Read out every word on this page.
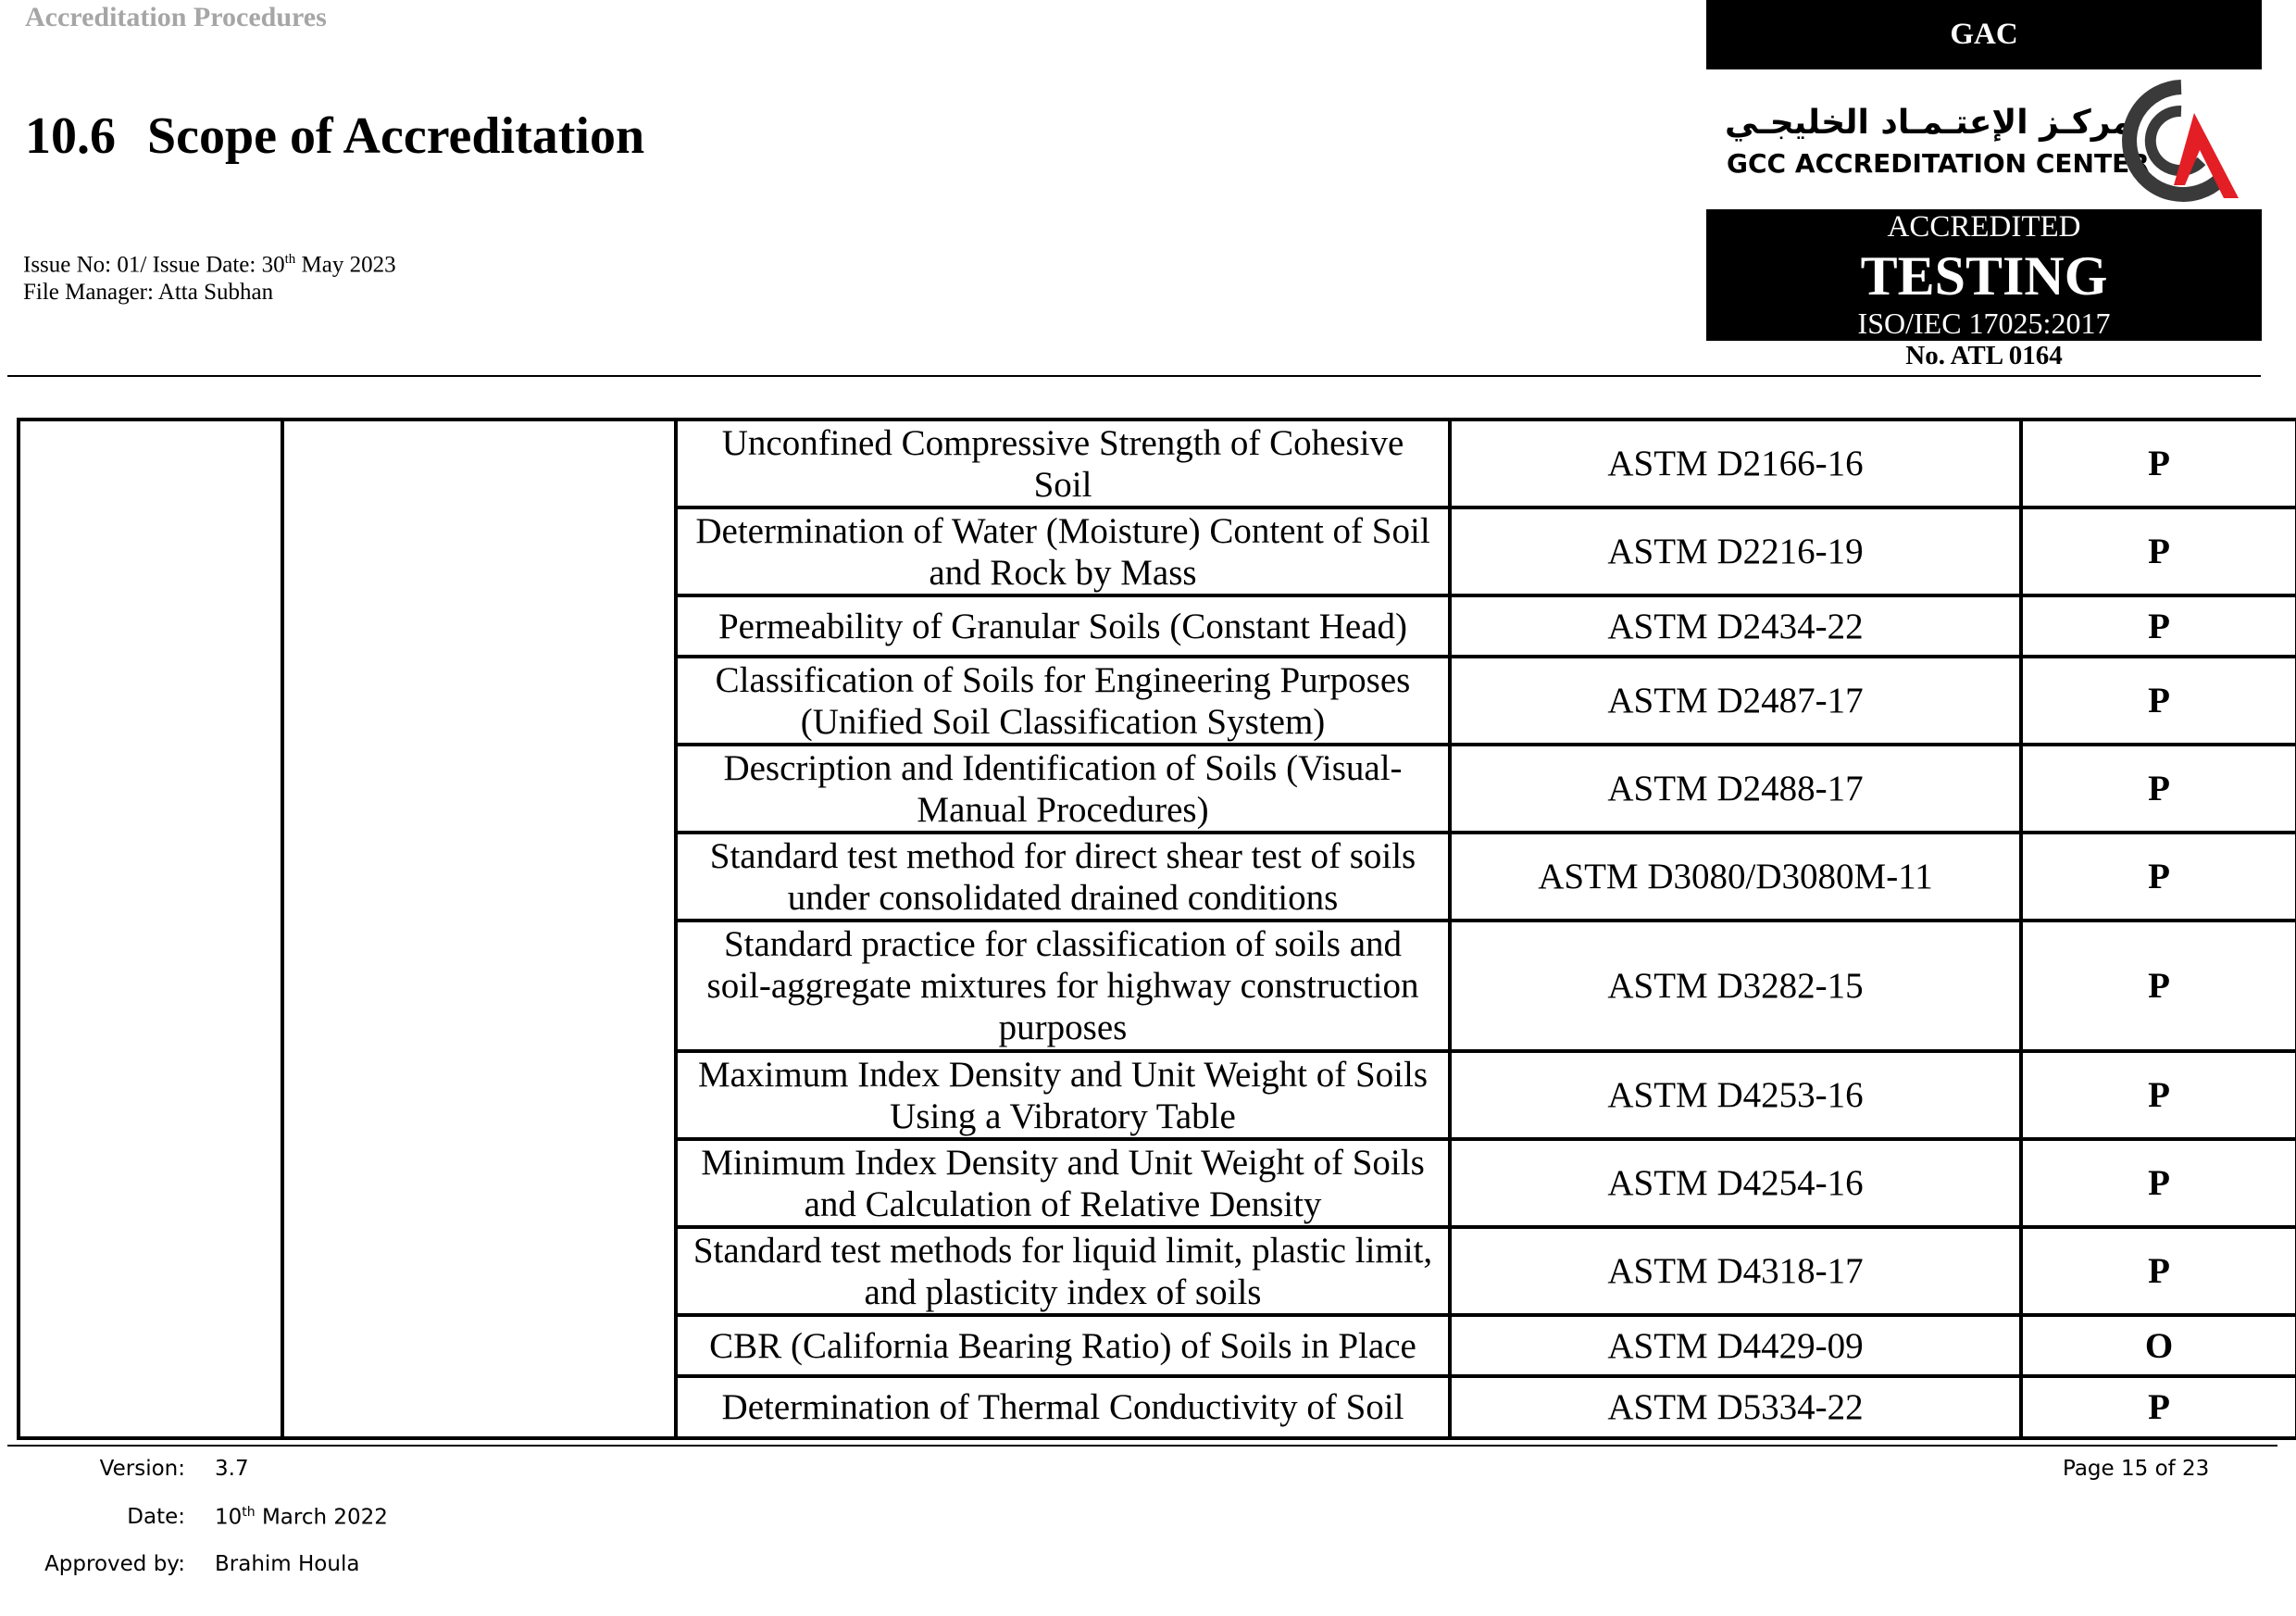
Accreditation Procedures
10.6 Scope of Accreditation
Issue No: 01/ Issue Date: 30th May 2023
File Manager: Atta Subhan
GAC
مركـز الإعتـمـاد الخليجـي
GCC ACCREDITATION CENTER
ACCREDITED
TESTING
ISO/IEC 17025:2017
No. ATL 0164
		Unconfined Compressive Strength of Cohesive Soil	ASTM D2166-16	P
		Determination of Water (Moisture) Content of Soil and Rock by Mass	ASTM D2216-19	P
		Permeability of Granular Soils (Constant Head)	ASTM D2434-22	P
		Classification of Soils for Engineering Purposes (Unified Soil Classification System)	ASTM D2487-17	P
		Description and Identification of Soils (Visual-Manual Procedures)	ASTM D2488-17	P
		Standard test method for direct shear test of soils under consolidated drained conditions	ASTM D3080/D3080M-11	P
		Standard practice for classification of soils and soil-aggregate mixtures for highway construction purposes	ASTM D3282-15	P
		Maximum Index Density and Unit Weight of Soils Using a Vibratory Table	ASTM D4253-16	P
		Minimum Index Density and Unit Weight of Soils and Calculation of Relative Density	ASTM D4254-16	P
		Standard test methods for liquid limit, plastic limit, and plasticity index of soils	ASTM D4318-17	P
		CBR (California Bearing Ratio) of Soils in Place	ASTM D4429-09	O
		Determination of Thermal Conductivity of Soil	ASTM D5334-22	P
Version: 3.7
Date: 10th March 2022
Approved by: Brahim Houla
Page 15 of 23
